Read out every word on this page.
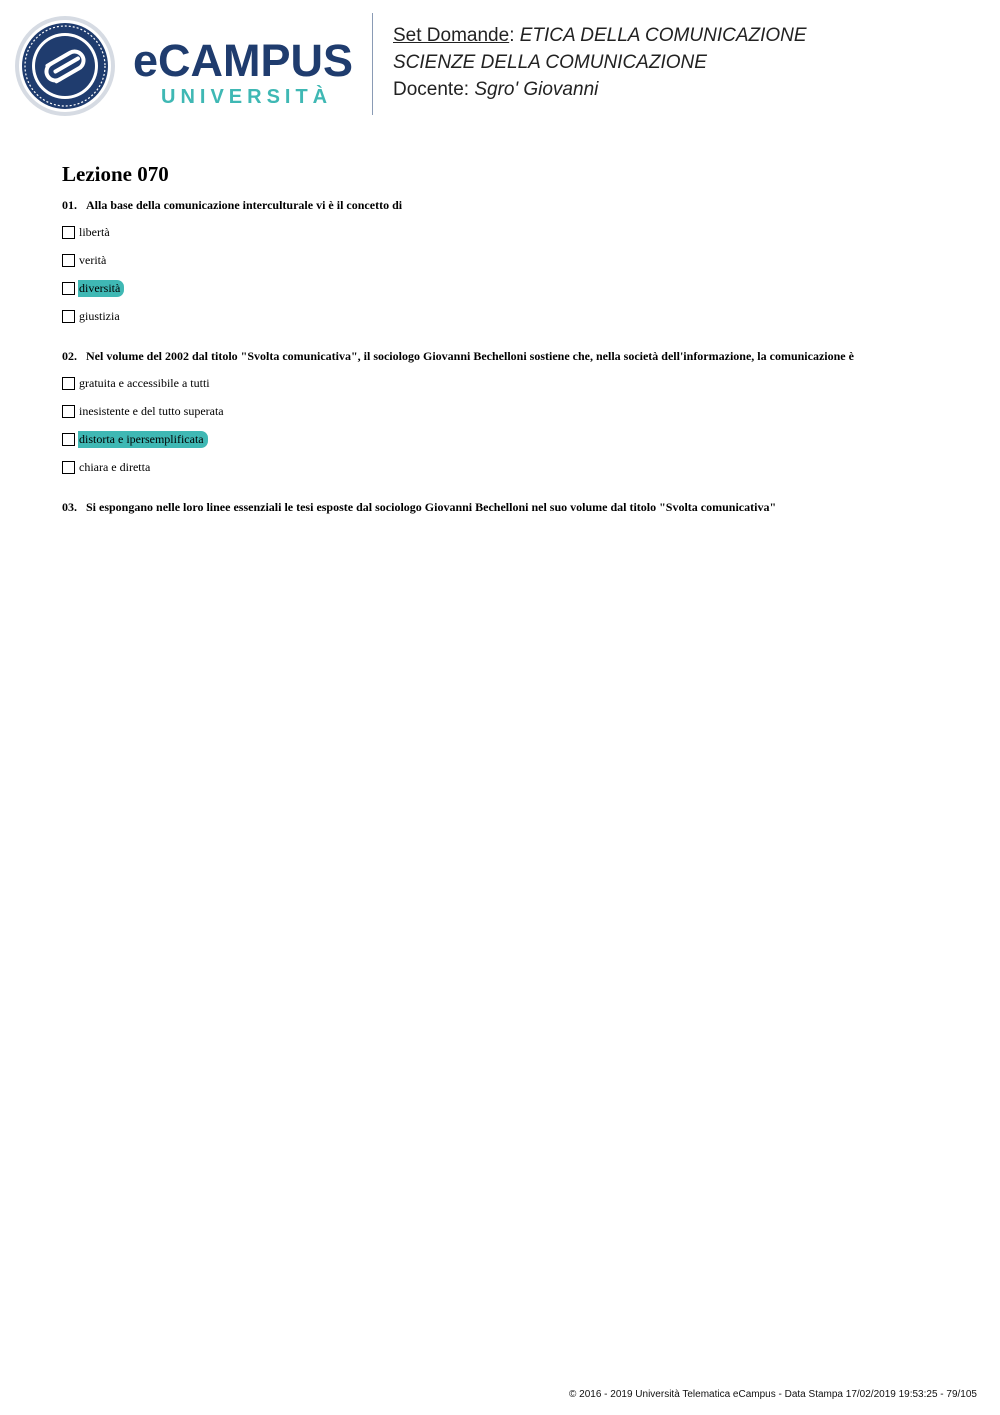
eCAMPUS
UNIVERSITÀ
Set Domande: ETICA DELLA COMUNICAZIONE
SCIENZE DELLA COMUNICAZIONE
Docente: Sgro' Giovanni
Lezione 070
01. Alla base della comunicazione interculturale vi è il concetto di
libertà
verità
diversità
giustizia
02. Nel volume del 2002 dal titolo "Svolta comunicativa", il sociologo Giovanni Bechelloni sostiene che, nella società dell'informazione, la comunicazione è
gratuita e accessibile a tutti
inesistente e del tutto superata
distorta e ipersemplificata
chiara e diretta
03. Si espongano nelle loro linee essenziali le tesi esposte dal sociologo Giovanni Bechelloni nel suo volume dal titolo "Svolta comunicativa"
© 2016 - 2019 Università Telematica eCampus - Data Stampa 17/02/2019 19:53:25 - 79/105
